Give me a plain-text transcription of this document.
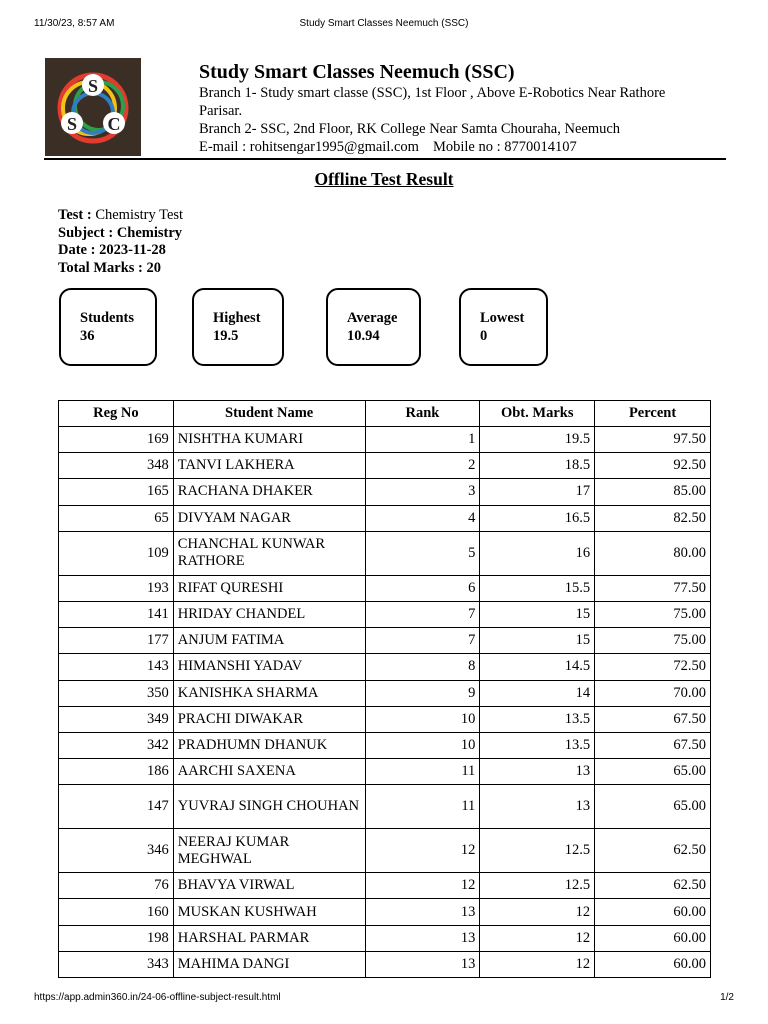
11/30/23, 8:57 AM	Study Smart Classes Neemuch (SSC)
S
S C
Study Smart Classes Neemuch (SSC)
Branch 1- Study smart classe (SSC), 1st Floor , Above E-Robotics Near Rathore
Parisar.
Branch 2- SSC, 2nd Floor, RK College Near Samta Chouraha, Neemuch
E-mail : rohitsengar1995@gmail.com Mobile no : 8770014107
Offline Test Result
Test : Chemistry Test
Subject : Chemistry
Date : 2023-11-28
Total Marks : 20
Students
36
Highest
19.5
Average
10.94
Lowest
0
Reg No	Student Name	Rank	Obt. Marks	Percent
169	NISHTHA KUMARI	1	19.5	97.50
348	TANVI LAKHERA	2	18.5	92.50
165	RACHANA DHAKER	3	17	85.00
65	DIVYAM NAGAR	4	16.5	82.50
109	CHANCHAL KUNWAR RATHORE	5	16	80.00
193	RIFAT QURESHI	6	15.5	77.50
141	HRIDAY CHANDEL	7	15	75.00
177	ANJUM FATIMA	7	15	75.00
143	HIMANSHI YADAV	8	14.5	72.50
350	KANISHKA SHARMA	9	14	70.00
349	PRACHI DIWAKAR	10	13.5	67.50
342	PRADHUMN DHANUK	10	13.5	67.50
186	AARCHI SAXENA	11	13	65.00
147	YUVRAJ SINGH CHOUHAN	11	13	65.00
346	NEERAJ KUMAR MEGHWAL	12	12.5	62.50
76	BHAVYA VIRWAL	12	12.5	62.50
160	MUSKAN KUSHWAH	13	12	60.00
198	HARSHAL PARMAR	13	12	60.00
343	MAHIMA DANGI	13	12	60.00
https://app.admin360.in/24-06-offline-subject-result.html	1/2
